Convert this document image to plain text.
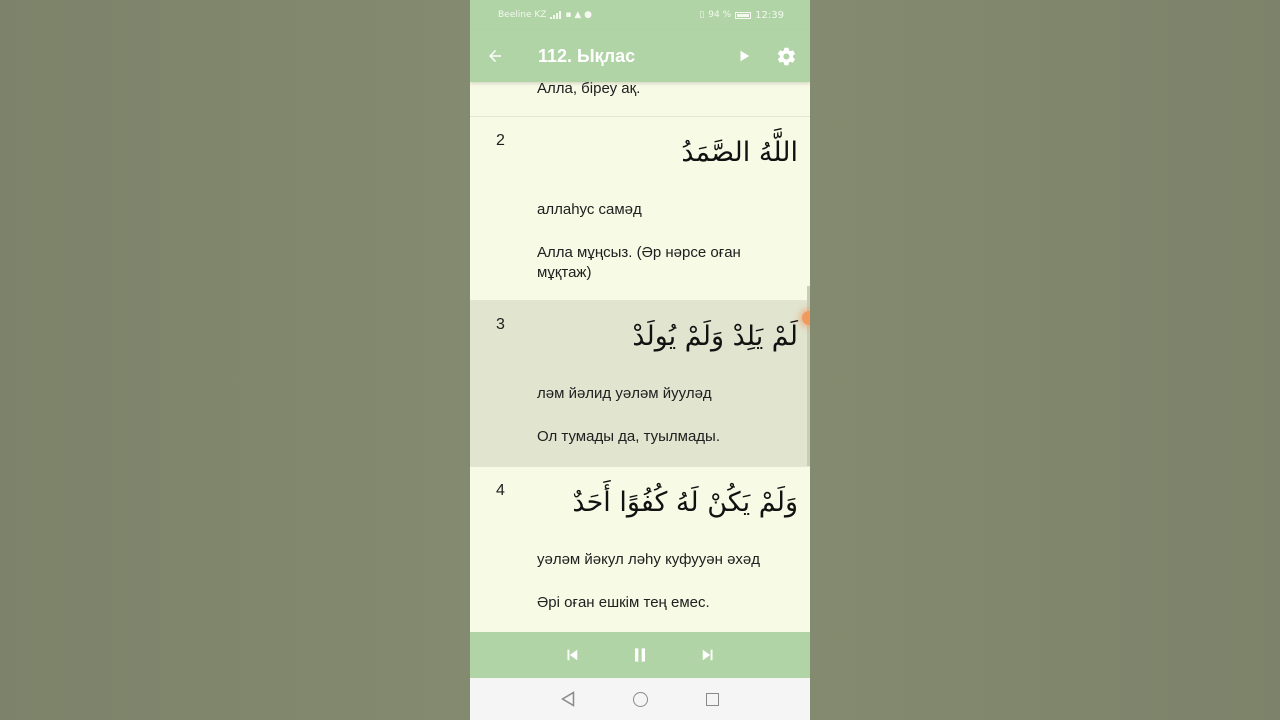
Beeline KZ ▪ ▲ ●	▯ 94 % 12:39
112. Ықлас
Алла, біреу ақ.
2	اللَّهُ الصَّمَدُ
аллаһус самәд
Алла мұңсыз. (Әр нәрсе оған мұқтаж)
3	لَمْ يَلِدْ وَلَمْ يُولَدْ
ләм йәлид уәләм йууләд
Ол тумады да, туылмады.
4	وَلَمْ يَكُنْ لَهُ كُفُوًا أَحَدٌ
уәләм йәкул ләһу куфууән әхәд
Әрі оған ешкім тең емес.
